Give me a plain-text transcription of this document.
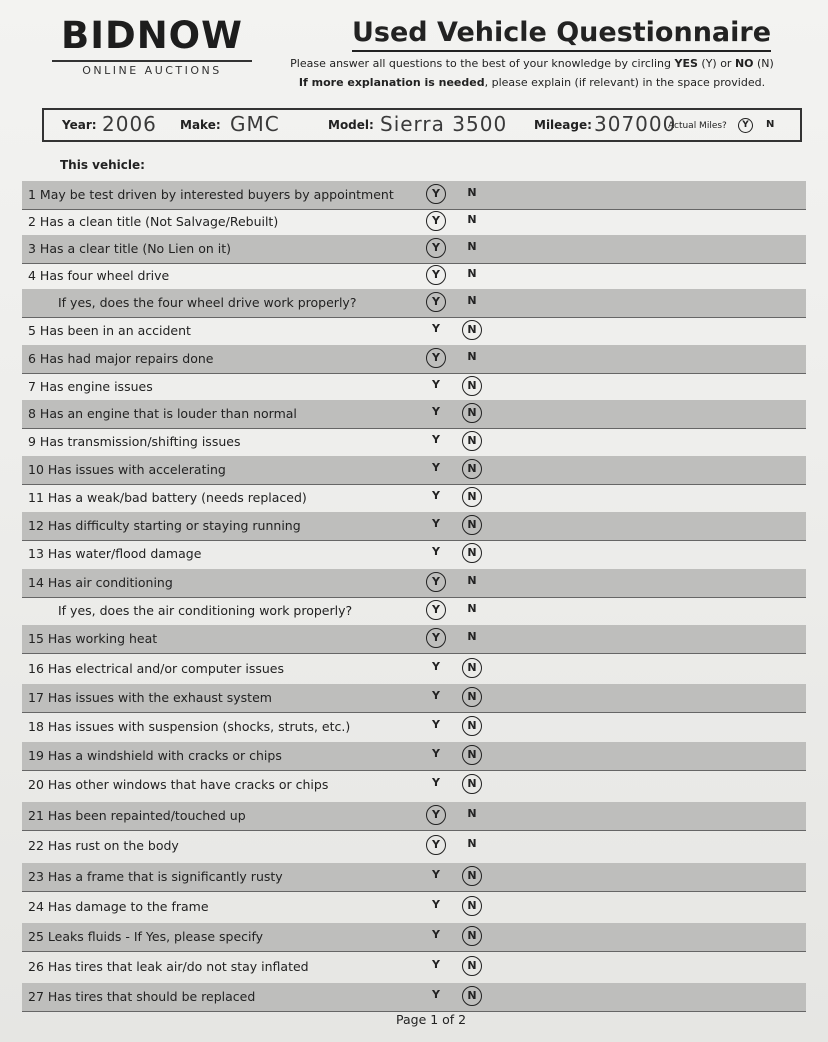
BIDNOW
ONLINE AUCTIONS
Used Vehicle Questionnaire
Please answer all questions to the best of your knowledge by circling YES (Y) or NO (N)
If more explanation is needed, please explain (if relevant) in the space provided.
Year: 2006 Make: GMC	Model: Sierra 3500 Mileage: 307000
Actual Miles?	Y	N
This vehicle:
1 May be test driven by interested buyers by appointment	Y	N
2 Has a clean title (Not Salvage/Rebuilt)	Y	N
3 Has a clear title (No Lien on it)	Y	N
4 Has four wheel drive	Y	N
If yes, does the four wheel drive work properly?	Y	N
5 Has been in an accident	Y	N
6 Has had major repairs done	Y	N
7 Has engine issues	Y	N
8 Has an engine that is louder than normal	Y	N
9 Has transmission/shifting issues	Y	N
10 Has issues with accelerating	Y	N
11 Has a weak/bad battery (needs replaced)	Y	N
12 Has difficulty starting or staying running	Y	N
13 Has water/flood damage	Y	N
14 Has air conditioning	Y	N
If yes, does the air conditioning work properly?	Y	N
15 Has working heat	Y	N
16 Has electrical and/or computer issues	Y	N
17 Has issues with the exhaust system	Y	N
18 Has issues with suspension (shocks, struts, etc.)	Y	N
19 Has a windshield with cracks or chips	Y	N
20 Has other windows that have cracks or chips	Y	N
21 Has been repainted/touched up	Y	N
22 Has rust on the body	Y	N
23 Has a frame that is significantly rusty	Y	N
24 Has damage to the frame	Y	N
25 Leaks fluids - If Yes, please specify	Y	N
26 Has tires that leak air/do not stay inflated	Y	N
27 Has tires that should be replaced	Y	N
Page 1 of 2
